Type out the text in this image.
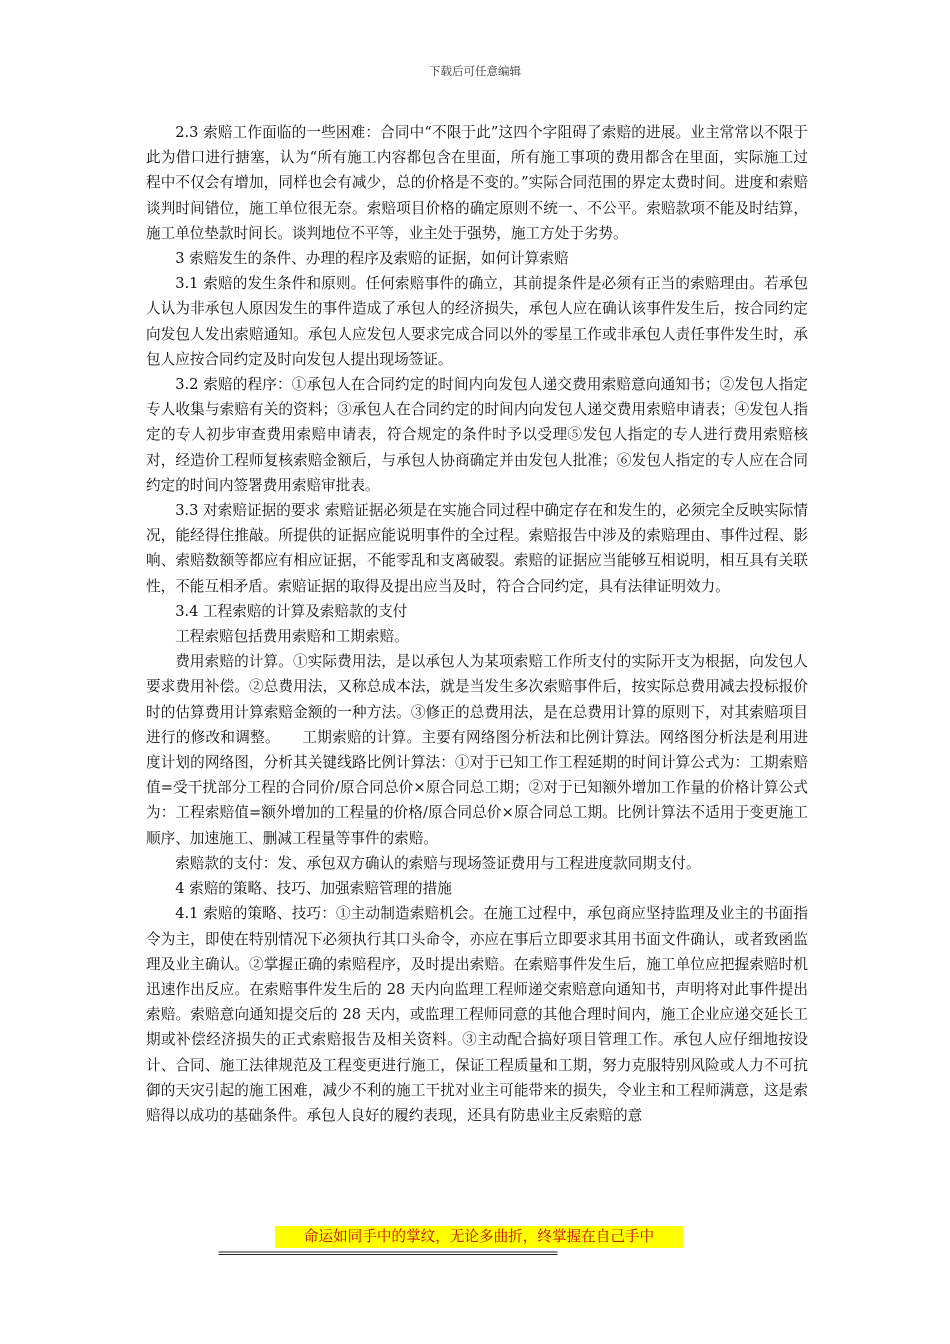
下载后可任意编辑

2.3 索赔工作面临的一些困难：合同中“不限于此”这四个字阻碍了索赔的进展。业主常常以不限于此为借口进行搪塞，认为“所有施工内容都包含在里面，所有施工事项的费用都含在里面，实际施工过程中不仅会有增加，同样也会有减少，总的价格是不变的。”实际合同范围的界定太费时间。进度和索赔谈判时间错位，施工单位很无奈。索赔项目价格的确定原则不统一、不公平。索赔款项不能及时结算，施工单位垫款时间长。谈判地位不平等，业主处于强势，施工方处于劣势。

3 索赔发生的条件、办理的程序及索赔的证据，如何计算索赔

3.1 索赔的发生条件和原则。任何索赔事件的确立，其前提条件是必须有正当的索赔理由。若承包人认为非承包人原因发生的事件造成了承包人的经济损失，承包人应在确认该事件发生后，按合同约定向发包人发出索赔通知。承包人应发包人要求完成合同以外的零星工作或非承包人责任事件发生时，承包人应按合同约定及时向发包人提出现场签证。

3.2 索赔的程序：①承包人在合同约定的时间内向发包人递交费用索赔意向通知书；②发包人指定专人收集与索赔有关的资料；③承包人在合同约定的时间内向发包人递交费用索赔申请表；④发包人指定的专人初步审查费用索赔申请表，符合规定的条件时予以受理⑤发包人指定的专人进行费用索赔核对，经造价工程师复核索赔金额后，与承包人协商确定并由发包人批准；⑥发包人指定的专人应在合同约定的时间内签署费用索赔审批表。

3.3 对索赔证据的要求 索赔证据必须是在实施合同过程中确定存在和发生的，必须完全反映实际情况，能经得住推敲。所提供的证据应能说明事件的全过程。索赔报告中涉及的索赔理由、事件过程、影响、索赔数额等都应有相应证据，不能零乱和支离破裂。索赔的证据应当能够互相说明，相互具有关联性，不能互相矛盾。索赔证据的取得及提出应当及时，符合合同约定，具有法律证明效力。

3.4 工程索赔的计算及索赔款的支付

工程索赔包括费用索赔和工期索赔。

费用索赔的计算。①实际费用法，是以承包人为某项索赔工作所支付的实际开支为根据，向发包人要求费用补偿。②总费用法，又称总成本法，就是当发生多次索赔事件后，按实际总费用减去投标报价时的估算费用计算索赔金额的一种方法。③修正的总费用法，是在总费用计算的原则下，对其索赔项目进行的修改和调整。　　工期索赔的计算。主要有网络图分析法和比例计算法。网络图分析法是利用进度计划的网络图，分析其关键线路比例计算法：①对于已知工作工程延期的时间计算公式为：工期索赔值=受干扰部分工程的合同价/原合同总价×原合同总工期；②对于已知额外增加工作量的价格计算公式为：工程索赔值=额外增加的工程量的价格/原合同总价×原合同总工期。比例计算法不适用于变更施工顺序、加速施工、删减工程量等事件的索赔。

索赔款的支付：发、承包双方确认的索赔与现场签证费用与工程进度款同期支付。

4 索赔的策略、技巧、加强索赔管理的措施

4.1 索赔的策略、技巧：①主动制造索赔机会。在施工过程中，承包商应坚持监理及业主的书面指令为主，即使在特别情况下必须执行其口头命令，亦应在事后立即要求其用书面文件确认，或者致函监理及业主确认。②掌握正确的索赔程序，及时提出索赔。在索赔事件发生后，施工单位应把握索赔时机迅速作出反应。在索赔事件发生后的 28 天内向监理工程师递交索赔意向通知书，声明将对此事件提出索赔。索赔意向通知提交后的 28 天内，或监理工程师同意的其他合理时间内，施工企业应递交延长工期或补偿经济损失的正式索赔报告及相关资料。③主动配合搞好项目管理工作。承包人应仔细地按设计、合同、施工法律规范及工程变更进行施工，保证工程质量和工期，努力克服特别风险或人力不可抗御的天灾引起的施工困难，减少不利的施工干扰对业主可能带来的损失，令业主和工程师满意，这是索赔得以成功的基础条件。承包人良好的履约表现，还具有防患业主反索赔的意

命运如同手中的掌纹，无论多曲折，终掌握在自己手中
============================================================
